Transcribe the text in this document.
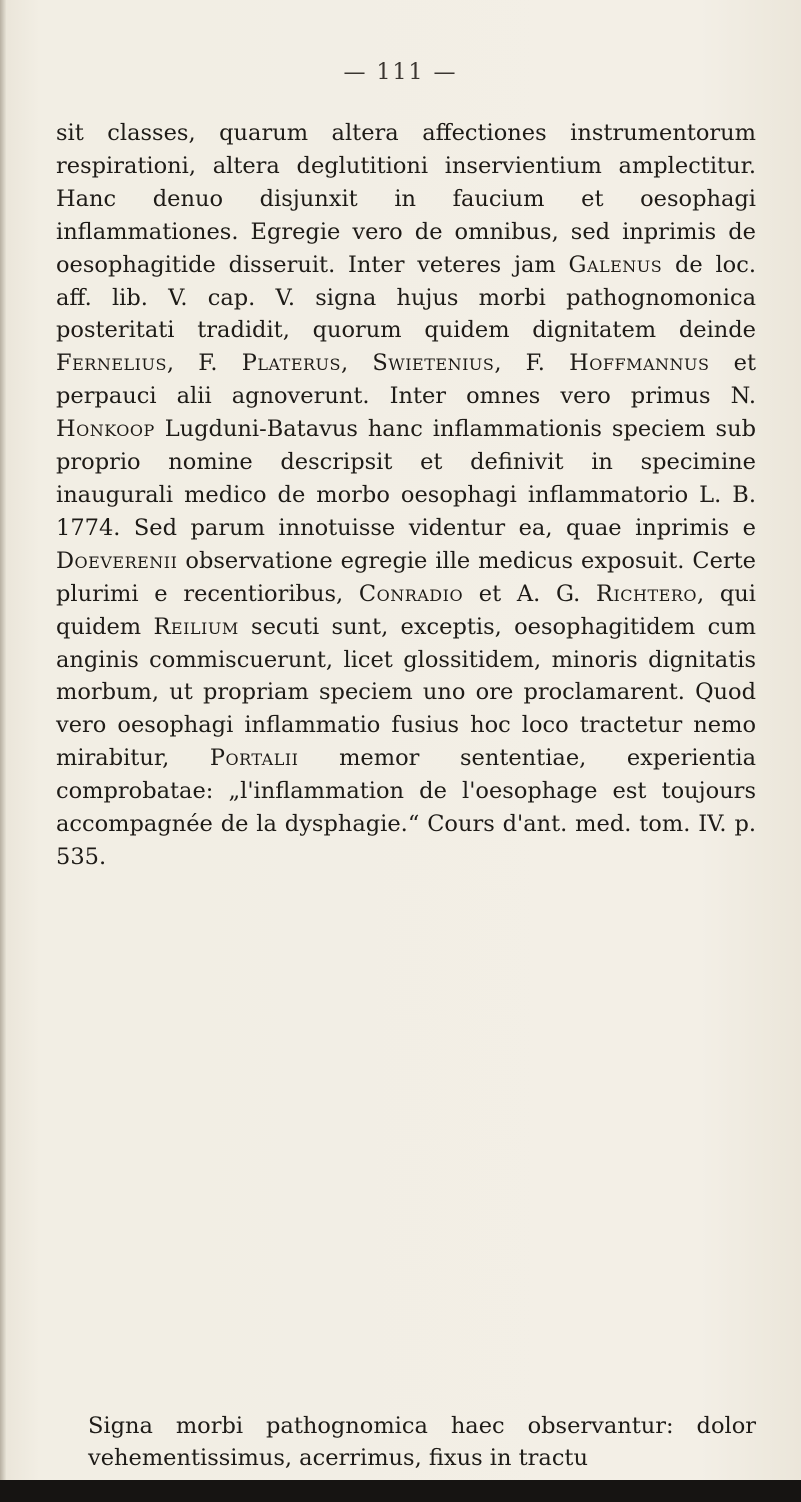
— 111 —

sit classes, quarum altera affectiones instrumentorum respirationi, altera deglutitioni inservientium amplectitur. Hanc denuo disjunxit in faucium et oesophagi inflammationes. Egregie vero de omnibus, sed inprimis de oesophagitide disseruit. Inter veteres jam Galenus de loc. aff. lib. V. cap. V. signa hujus morbi pathognomonica posteritati tradidit, quorum quidem dignitatem deinde Fernelius, F. Platerus, Swietenius, F. Hoffmannus et perpauci alii agnoverunt. Inter omnes vero primus N. Honkoop Lugduni-Batavus hanc inflammationis speciem sub proprio nomine descripsit et definivit in specimine inaugurali medico de morbo oesophagi inflammatorio L. B. 1774. Sed parum innotuisse videntur ea, quae inprimis e Doeverenii observatione egregie ille medicus exposuit. Certe plurimi e recentioribus, Conradio et A. G. Richtero, qui quidem Reilium secuti sunt, exceptis, oesophagitidem cum anginis commiscuerunt, licet glossitidem, minoris dignitatis morbum, ut propriam speciem uno ore proclamarent. Quod vero oesophagi inflammatio fusius hoc loco tractetur nemo mirabitur, Portalii memor sententiae, experientia comprobatae: „l'inflammation de l'oesophage est toujours accompagnée de la dysphagie.“ Cours d'ant. med. tom. IV. p. 535.

Signa morbi pathognomica haec observantur: dolor vehementissimus, acerrimus, fixus in tractu
